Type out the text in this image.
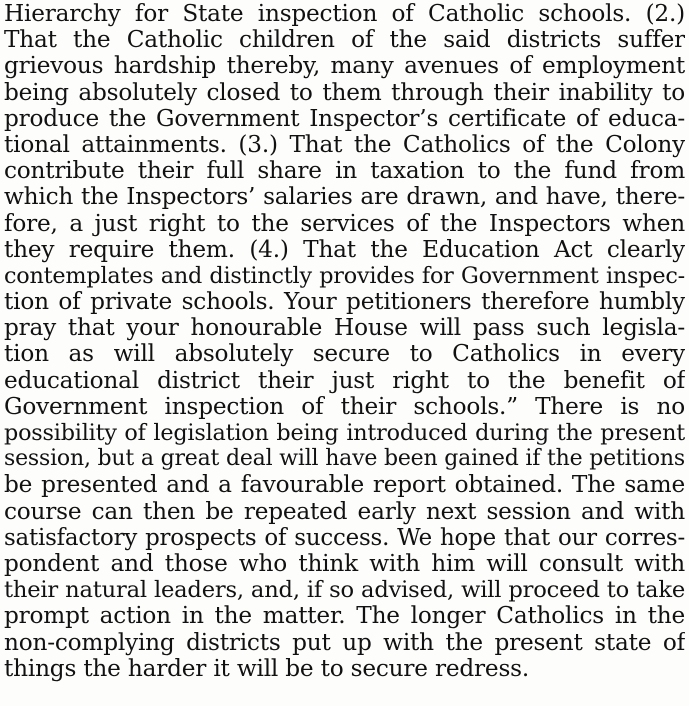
Hierarchy for State inspection of Catholic schools. (2.)
That the Catholic children of the said districts suffer
grievous hardship thereby, many avenues of employment
being absolutely closed to them through their inability to
produce the Government Inspector’s certificate of educa-
tional attainments. (3.) That the Catholics of the Colony
contribute their full share in taxation to the fund from
which the Inspectors’ salaries are drawn, and have, there-
fore, a just right to the services of the Inspectors when
they require them. (4.) That the Education Act clearly
contemplates and distinctly provides for Government inspec-
tion of private schools. Your petitioners therefore humbly
pray that your honourable House will pass such legisla-
tion as will absolutely secure to Catholics in every
educational district their just right to the benefit of
Government inspection of their schools.” There is no
possibility of legislation being introduced during the present
session, but a great deal will have been gained if the petitions
be presented and a favourable report obtained. The same
course can then be repeated early next session and with
satisfactory prospects of success. We hope that our corres-
pondent and those who think with him will consult with
their natural leaders, and, if so advised, will proceed to take
prompt action in the matter. The longer Catholics in the
non-complying districts put up with the present state of
things the harder it will be to secure redress.
